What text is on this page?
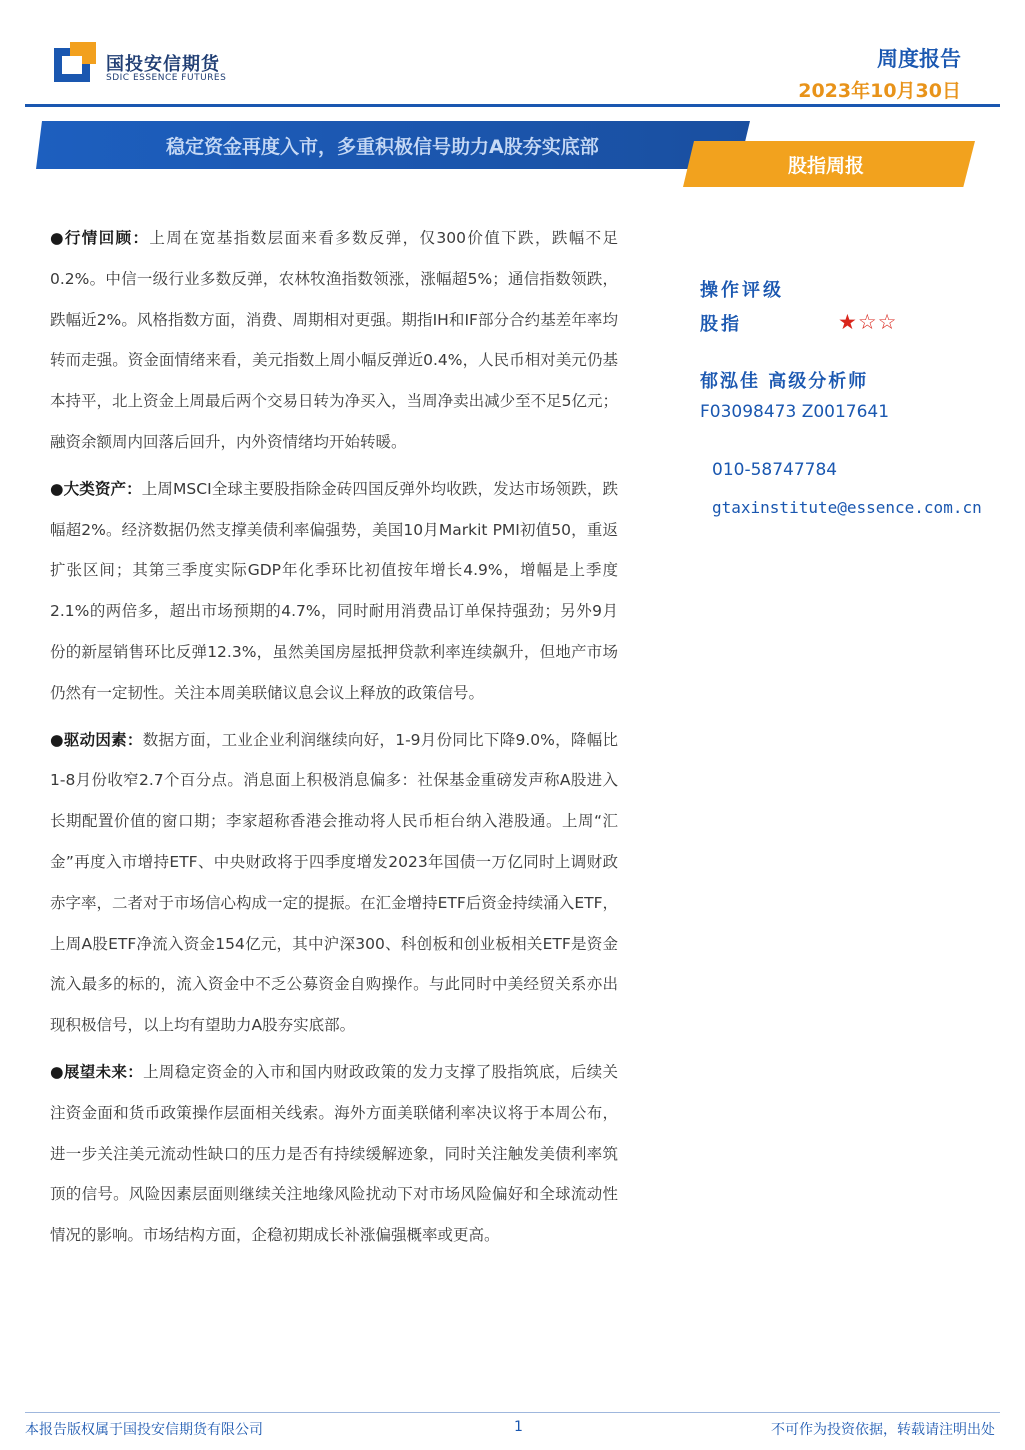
国投安信期货
SDIC ESSENCE FUTURES
周度报告
2023年10月30日
稳定资金再度入市，多重积极信号助力A股夯实底部
股指周报

●行情回顾：上周在宽基指数层面来看多数反弹，仅300价值下跌，跌幅不足0.2%。中信一级行业多数反弹，农林牧渔指数领涨，涨幅超5%；通信指数领跌，跌幅近2%。风格指数方面，消费、周期相对更强。期指IH和IF部分合约基差年率均转而走强。资金面情绪来看，美元指数上周小幅反弹近0.4%，人民币相对美元仍基本持平，北上资金上周最后两个交易日转为净买入，当周净卖出减少至不足5亿元；融资余额周内回落后回升，内外资情绪均开始转暖。

●大类资产：上周MSCI全球主要股指除金砖四国反弹外均收跌，发达市场领跌，跌幅超2%。经济数据仍然支撑美债利率偏强势，美国10月Markit PMI初值50，重返扩张区间；其第三季度实际GDP年化季环比初值按年增长4.9%，增幅是上季度2.1%的两倍多，超出市场预期的4.7%，同时耐用消费品订单保持强劲；另外9月份的新屋销售环比反弹12.3%，虽然美国房屋抵押贷款利率连续飙升，但地产市场仍然有一定韧性。关注本周美联储议息会议上释放的政策信号。

●驱动因素：数据方面，工业企业利润继续向好，1-9月份同比下降9.0%，降幅比1-8月份收窄2.7个百分点。消息面上积极消息偏多：社保基金重磅发声称A股进入长期配置价值的窗口期；李家超称香港会推动将人民币柜台纳入港股通。上周“汇金”再度入市增持ETF、中央财政将于四季度增发2023年国债一万亿同时上调财政赤字率，二者对于市场信心构成一定的提振。在汇金增持ETF后资金持续涌入ETF，上周A股ETF净流入资金154亿元，其中沪深300、科创板和创业板相关ETF是资金流入最多的标的，流入资金中不乏公募资金自购操作。与此同时中美经贸关系亦出现积极信号，以上均有望助力A股夯实底部。

●展望未来：上周稳定资金的入市和国内财政政策的发力支撑了股指筑底，后续关注资金面和货币政策操作层面相关线索。海外方面美联储利率决议将于本周公布，进一步关注美元流动性缺口的压力是否有持续缓解迹象，同时关注触发美债利率筑顶的信号。风险因素层面则继续关注地缘风险扰动下对市场风险偏好和全球流动性情况的影响。市场结构方面，企稳初期成长补涨偏强概率或更高。

操作评级
股指	★☆☆
郁泓佳 高级分析师
F03098473 Z0017641
010-58747784
gtaxinstitute@essence.com.cn
本报告版权属于国投安信期货有限公司	1	不可作为投资依据，转载请注明出处
